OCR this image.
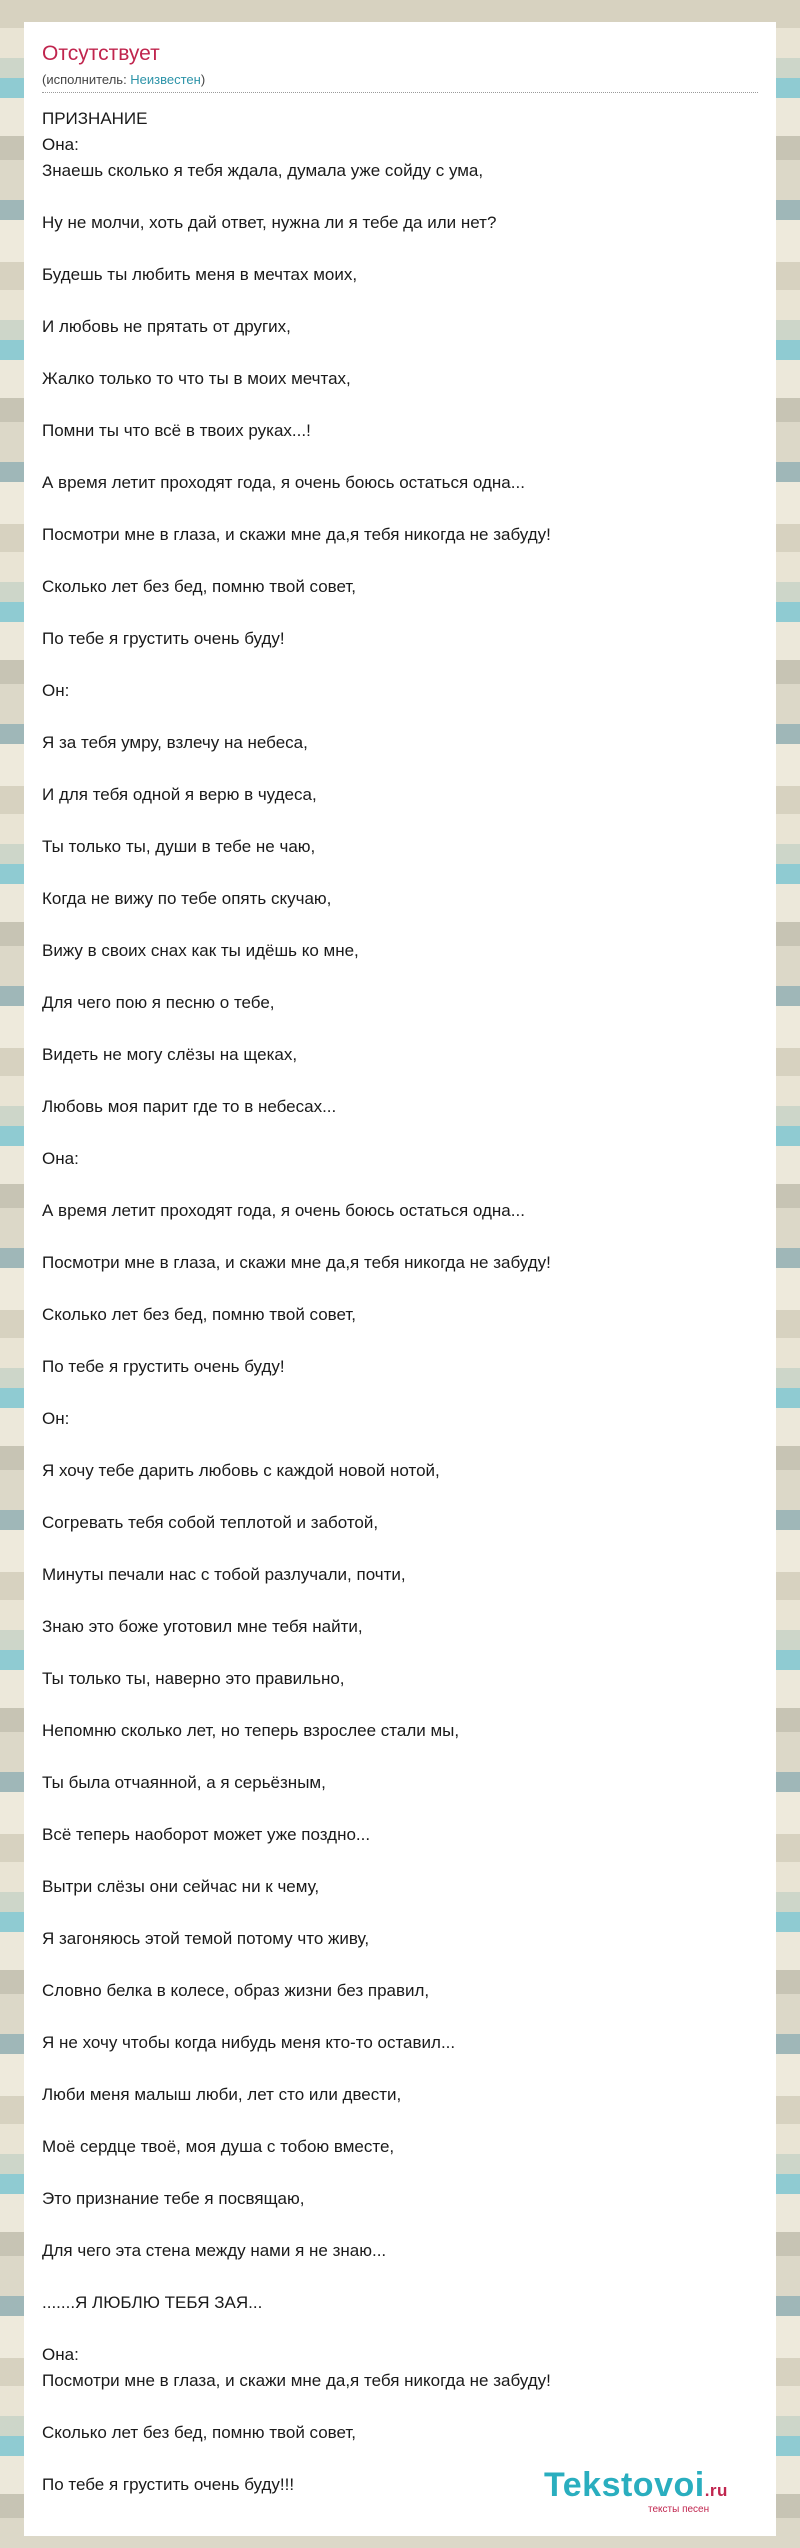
Отсутствует
(исполнитель: Неизвестен)
ПРИЗНАНИЕ
Она:
Знаешь сколько я тебя ждала, думала уже сойду с ума,
Ну не молчи, хоть дай ответ, нужна ли я тебе да или нет?
Будешь ты любить меня в мечтах моих,
И любовь не прятать от других,
Жалко только то что ты в моих мечтах,
Помни ты что всё в твоих руках...!
А время летит проходят года, я очень боюсь остаться одна...
Посмотри мне в глаза, и скажи мне да,я тебя никогда не забуду!
Сколько лет без бед, помню твой совет,
По тебе я грустить очень буду!
Он:
Я за тебя умру, взлечу на небеса,
И для тебя одной я верю в чудеса,
Ты только ты, души в тебе не чаю,
Когда не вижу по тебе опять скучаю,
Вижу в своих снах как ты идёшь ко мне,
Для чего пою я песню о тебе,
Видеть не могу слёзы на щеках,
Любовь моя парит где то в небесах...
Она:
А время летит проходят года, я очень боюсь остаться одна...
Посмотри мне в глаза, и скажи мне да,я тебя никогда не забуду!
Сколько лет без бед, помню твой совет,
По тебе я грустить очень буду!
Он:
Я хочу тебе дарить любовь с каждой новой нотой,
Согревать тебя собой теплотой и заботой,
Минуты печали нас с тобой разлучали, почти,
Знаю это боже уготовил мне тебя найти,
Ты только ты, наверно это правильно,
Непомню сколько лет, но теперь взрослее стали мы,
Ты была отчаянной, а я серьёзным,
Всё теперь наоборот может уже поздно...
Вытри слёзы они сейчас ни к чему,
Я загоняюсь этой темой потому что живу,
Словно белка в колесе, образ жизни без правил,
Я не хочу чтобы когда нибудь меня кто-то оставил...
Люби меня малыш люби, лет сто или двести,
Моё сердце твоё, моя душа с тобою вместе,
Это признание тебе я посвящаю,
Для чего эта стена между нами я не знаю...
.......Я ЛЮБЛЮ ТЕБЯ ЗАЯ...
Она:
Посмотри мне в глаза, и скажи мне да,я тебя никогда не забуду!
Сколько лет без бед, помню твой совет,
По тебе я грустить очень буду!!!	Tekstovoi.ru
тексты песен
